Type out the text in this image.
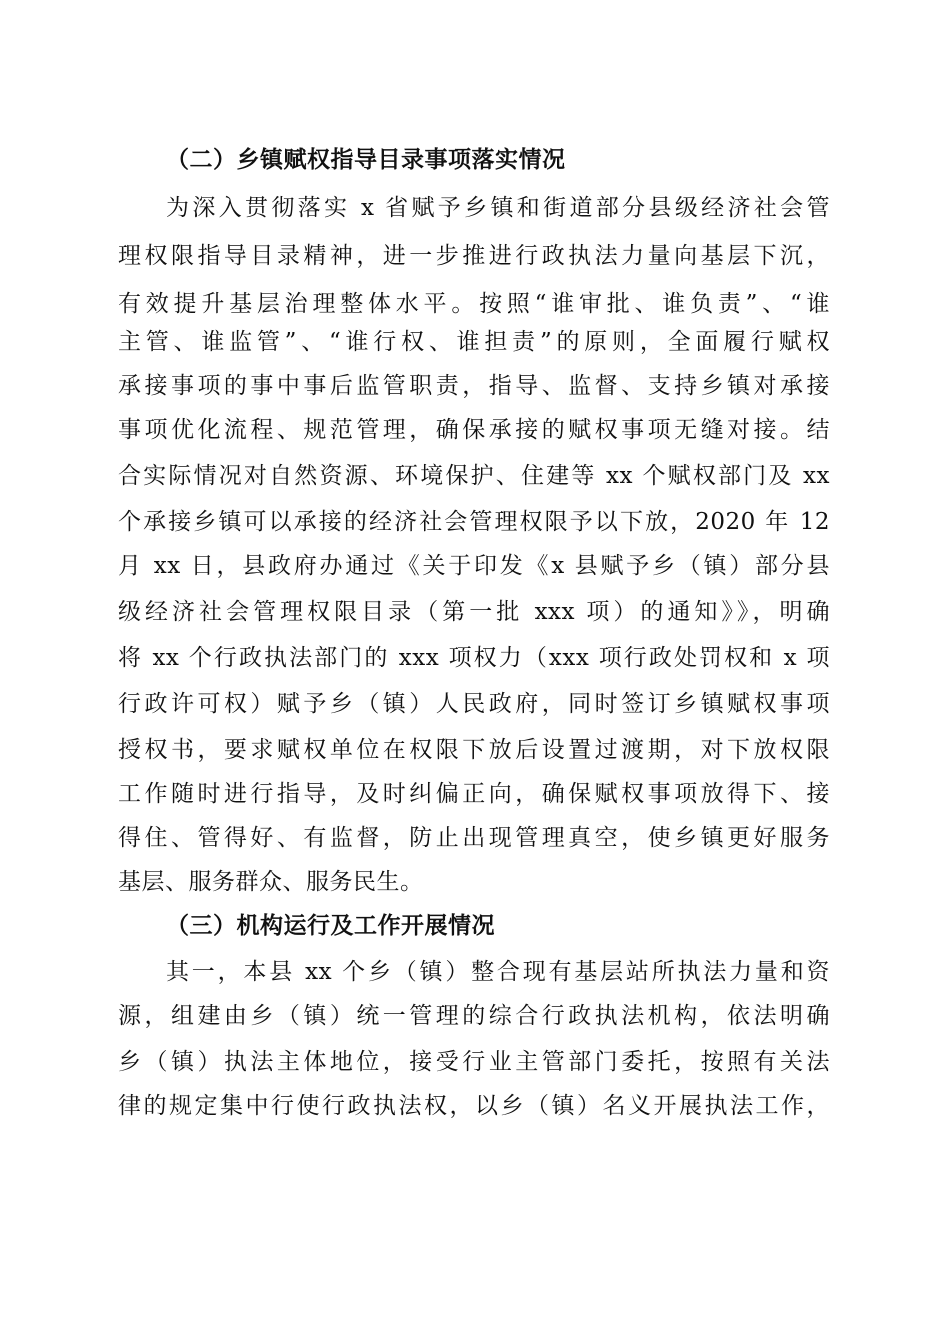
（二）乡镇赋权指导目录事项落实情况
为深入贯彻落实 x 省赋予乡镇和街道部分县级经济社会管
理权限指导目录精神，进一步推进行政执法力量向基层下沉，
有效提升基层治理整体水平。按照“谁审批、谁负责”、“谁
主管、谁监管”、“谁行权、谁担责”的原则，全面履行赋权
承接事项的事中事后监管职责，指导、监督、支持乡镇对承接
事项优化流程、规范管理，确保承接的赋权事项无缝对接。结
合实际情况对自然资源、环境保护、住建等 xx 个赋权部门及 xx
个承接乡镇可以承接的经济社会管理权限予以下放，2020 年 12
月 xx 日，县政府办通过《关于印发《x 县赋予乡（镇）部分县
级经济社会管理权限目录（第一批 xxx 项）的通知》》，明确
将 xx 个行政执法部门的 xxx 项权力（xxx 项行政处罚权和 x 项
行政许可权）赋予乡（镇）人民政府，同时签订乡镇赋权事项
授权书，要求赋权单位在权限下放后设置过渡期，对下放权限
工作随时进行指导，及时纠偏正向，确保赋权事项放得下、接
得住、管得好、有监督，防止出现管理真空，使乡镇更好服务
基层、服务群众、服务民生。
（三）机构运行及工作开展情况
其一，本县 xx 个乡（镇）整合现有基层站所执法力量和资
源，组建由乡（镇）统一管理的综合行政执法机构，依法明确
乡（镇）执法主体地位，接受行业主管部门委托，按照有关法
律的规定集中行使行政执法权，以乡（镇）名义开展执法工作，
